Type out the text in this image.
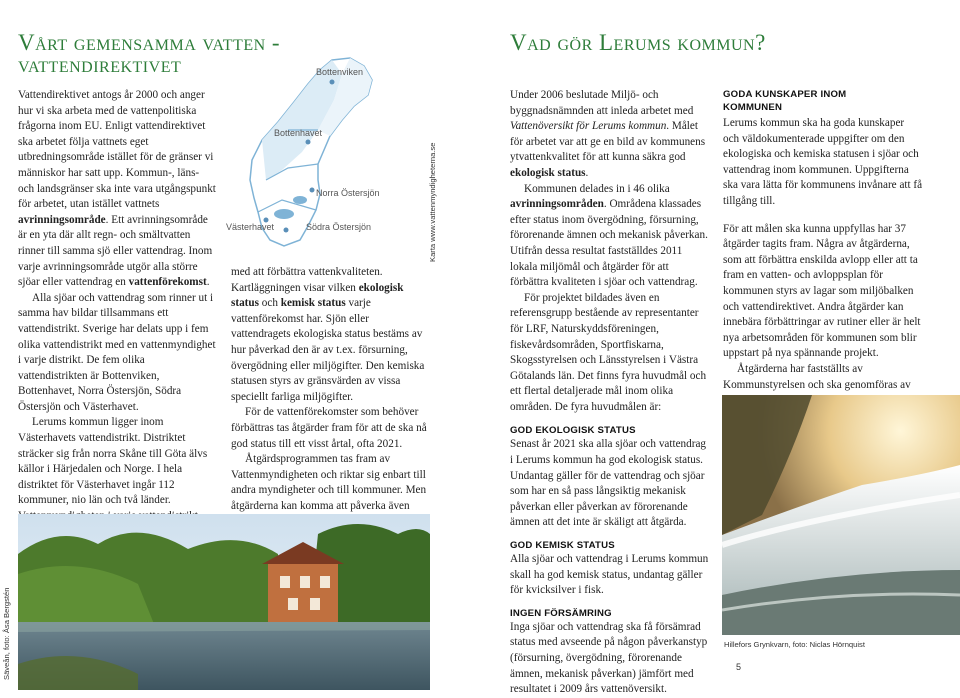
Vårt gemensamma vatten - vattendirektivet

Vattendirektivet antogs år 2000 och anger hur vi ska arbeta med de vattenpolitiska frågorna inom EU. Enligt vattendirektivet ska arbetet följa vattnets eget utbredningsområde istället för de gränser vi människor har satt upp. Kommun-, läns- och landsgränser ska inte vara utgångspunkt för arbetet, utan istället vattnets avrinningsområde. Ett avrinningsområde är en yta där allt regn- och smältvatten rinner till samma sjö eller vattendrag. Inom varje avrinningsområde utgör alla större sjöar eller vattendrag en vattenförekomst.

Alla sjöar och vattendrag som rinner ut i samma hav bildar tillsammans ett vattendistrikt. Sverige har delats upp i fem olika vattendistrikt med en vattenmyndighet i varje distrikt. De fem olika vattendistrikten är Bottenviken, Bottenhavet, Norra Östersjön, Södra Östersjön och Västerhavet.

Lerums kommun ligger inom Västerhavets vattendistrikt. Distriktet sträcker sig från norra Skåne till Göta älvs källor i Härjedalen och Norge. I hela distriktet för Västerhavet ingår 112 kommuner, nio län och två länder.

Bottenviken
Bottenhavet
Norra Östersjön
Västerhavet	Södra Östersjön	Karta www.vattenmyndigheterna.se

med att förbättra vattenkvaliteten. Kartläggningen visar vilken ekologisk status och kemisk status varje vattenförekomst har. Sjön eller vattendragets ekologiska status bestäms av hur påverkad den är av t.ex. försurning, övergödning eller miljögifter. Den kemiska statusen styrs av gränsvärden av vissa speciellt farliga miljögifter.

För de vattenförekomster som behöver förbättras tas åtgärder fram för att de ska nå god status till ett visst årtal, ofta 2021.

Åtgärdsprogrammen tas fram av Vattenmyndigheten och riktar sig enbart till andra myndigheter och till kommuner. Men åtgärderna kan komma att påverka även

Säveån, foto: Åsa Bergstén
Vad gör Lerums kommun?

Under 2006 beslutade Miljö- och byggnadsnämnden att inleda arbetet med Vattenöversikt för Lerums kommun. Målet för arbetet var att ge en bild av kommunens ytvattenkvalitet för att kunna säkra god ekologisk status.

Kommunen delades in i 46 olika avrinningsområden. Områdena klassades efter status inom övergödning, försurning, förorenande ämnen och mekanisk påverkan. Utifrån dessa resultat fastställdes 2011 lokala miljömål och åtgärder för att förbättra kvaliteten i sjöar och vattendrag.

För projektet bildades även en referensgrupp bestående av representanter för LRF, Naturskyddsföreningen, fiskevårdsområden, Sportfiskarna, Skogsstyrelsen och Länsstyrelsen i Västra Götalands län. Det finns fyra huvudmål och ett flertal detaljerade mål inom olika områden. De fyra huvudmålen är:

GOD EKOLOGISK STATUS

Senast år 2021 ska alla sjöar och vattendrag i Lerums kommun ha god ekologisk status. Undantag gäller för de vattendrag och sjöar som har en så pass långsiktig mekanisk påverkan eller påverkan av förorenande ämnen att det inte är skäligt att åtgärda.

GOD KEMISK STATUS

Alla sjöar och vattendrag i Lerums kommun skall ha god kemisk status, undantag gäller för kvicksilver i fisk.

INGEN FÖRSÄMRING

Inga sjöar och vattendrag ska få försämrad status med avseende på någon påverkanstyp (försurning, övergödning, förorenande ämnen, mekanisk påverkan) jämfört med resultatet i 2009 års vattenöversikt.

GODA KUNSKAPER INOM
KOMMUNEN

Lerums kommun ska ha goda kunskaper och väldokumenterade uppgifter om den ekologiska och kemiska statusen i sjöar och vattendrag inom kommunen. Uppgifterna ska vara lätta för kommunens invånare att få tillgång till.

För att målen ska kunna uppfyllas har 37 åtgärder tagits fram. Några av åtgärderna, som att förbättra enskilda avlopp eller att ta fram en vatten- och avloppsplan för kommunen styrs av lagar som miljöbalken och vattendirektivet. Andra åtgärder kan innebära förbättringar av rutiner eller är helt nya arbetsområden för kommunen som blir uppstart på nya spännande projekt.

Åtgärderna har fastställts av Kommunstyrelsen och ska genomföras av

Hillefors Grynkvarn, foto: Niclas Hörnquist
5
